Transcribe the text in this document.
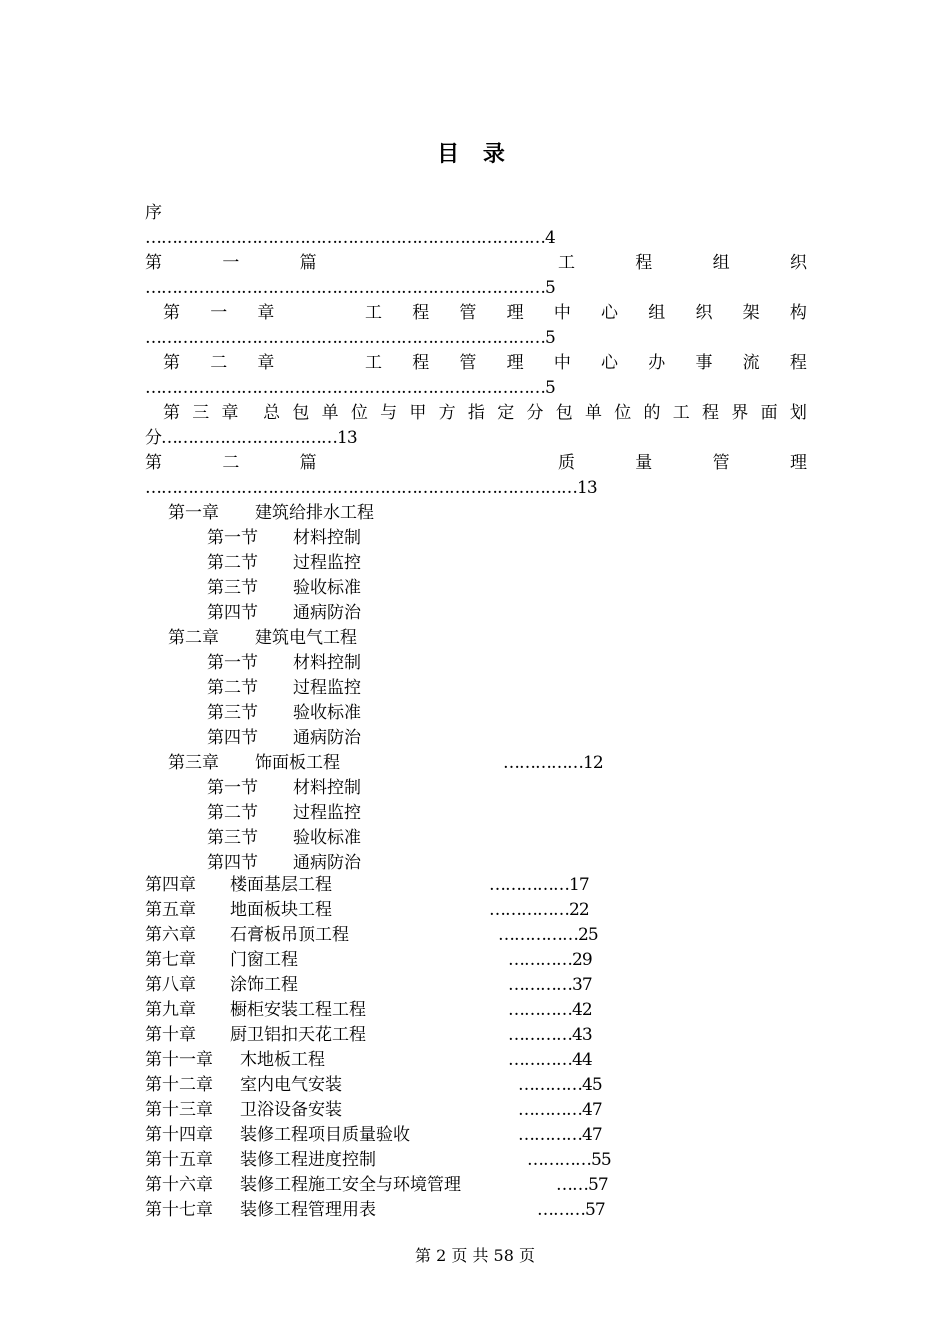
目 录
序
…………………………………………………………………4
第	一	篇	工	程	组	织
…………………………………………………………………5
第 一 章	工 程 管 理 中 心 组 织 架 构
…………………………………………………………………5
第 二 章	工 程 管 理 中 心 办 事 流 程
…………………………………………………………………5
第 三 章 总 包 单 位 与 甲 方 指 定 分 包 单 位 的 工 程 界 面 划
分……………………………13
第	二	篇	质	量	管	理
………………………………………………………………………13
第一章 建筑给排水工程
第一节 材料控制
第二节 过程监控
第三节 验收标准
第四节 通病防治
第二章 建筑电气工程
第一节 材料控制
第二节 过程监控
第三节 验收标准
第四节 通病防治
第三章 饰面板工程	……………12
第一节 材料控制
第二节 过程监控
第三节 验收标准
第四节 通病防治
第四章 楼面基层工程	……………17
第五章 地面板块工程	……………22
第六章 石膏板吊顶工程	……………25
第七章 门窗工程	…………29
第八章 涂饰工程	…………37
第九章 橱柜安装工程工程	…………42
第十章 厨卫铝扣天花工程	…………43
第十一章 木地板工程	…………44
第十二章 室内电气安装	…………45
第十三章 卫浴设备安装	…………47
第十四章 装修工程项目质量验收	…………47
第十五章 装修工程进度控制	…………55
第十六章 装修工程施工安全与环境管理	……57
第十七章 装修工程管理用表	………57
第 2 页 共 58 页
